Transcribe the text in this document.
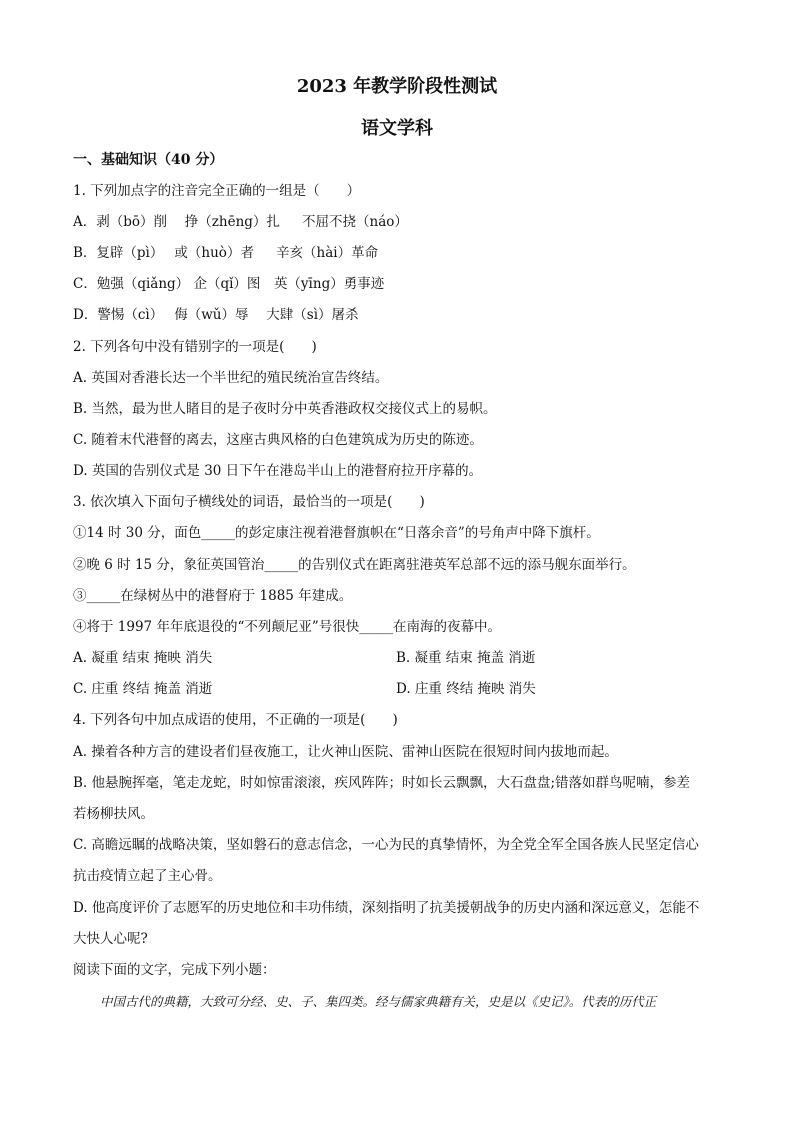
2023 年教学阶段性测试
语文学科
一、基础知识（40 分）
1. 下列加点字的注音完全正确的一组是（　　）
A．剥（bō）削　 挣（zhēng）扎 　 不屈不挠（náo）
B．复辟（pì）　 或（huò）者 　 辛亥（hài）革命
C．勉强（qiǎng） 企（qǐ）图　英（yīng）勇事迹
D．警惕（cì）　 侮（wǔ）辱　 大肆（sì）屠杀
2. 下列各句中没有错别字的一项是(　　)
A. 英国对香港长达一个半世纪的殖民统治宣告终结。
B. 当然，最为世人睹目的是子夜时分中英香港政权交接仪式上的易帜。
C. 随着末代港督的离去，这座古典风格的白色建筑成为历史的陈迹。
D. 英国的告别仪式是 30 日下午在港岛半山上的港督府拉开序幕的。
3. 依次填入下面句子横线处的词语，最恰当的一项是(　　)
①14 时 30 分，面色_____的彭定康注视着港督旗帜在“日落余音”的号角声中降下旗杆。
②晚 6 时 15 分，象征英国管治_____的告别仪式在距离驻港英军总部不远的添马舰东面举行。
③_____在绿树丛中的港督府于 1885 年建成。
④将于 1997 年年底退役的“不列颠尼亚”号很快_____在南海的夜幕中。
A. 凝重 结束 掩映 消失	B. 凝重 结束 掩盖 消逝
C. 庄重 终结 掩盖 消逝	D. 庄重 终结 掩映 消失
4. 下列各句中加点成语的使用，不正确的一项是(　　)
A. 操着各种方言的建设者们昼夜施工，让火神山医院、雷神山医院在很短时间内拔地而起。
B. 他悬腕挥毫，笔走龙蛇，时如惊雷滚滚，疾风阵阵；时如长云飘飘，大石盘盘;错落如群鸟呢喃，参差
若杨柳扶风。
C. 高瞻远瞩的战略决策，坚如磐石的意志信念，一心为民的真挚情怀，为全党全军全国各族人民坚定信心
抗击疫情立起了主心骨。
D. 他高度评价了志愿军的历史地位和丰功伟绩，深刻指明了抗美援朝战争的历史内涵和深远意义，怎能不
大快人心呢?
阅读下面的文字，完成下列小题：
中国古代的典籍，大致可分经、史、子、集四类。经与儒家典籍有关，史是以《史记》。代表的历代正
